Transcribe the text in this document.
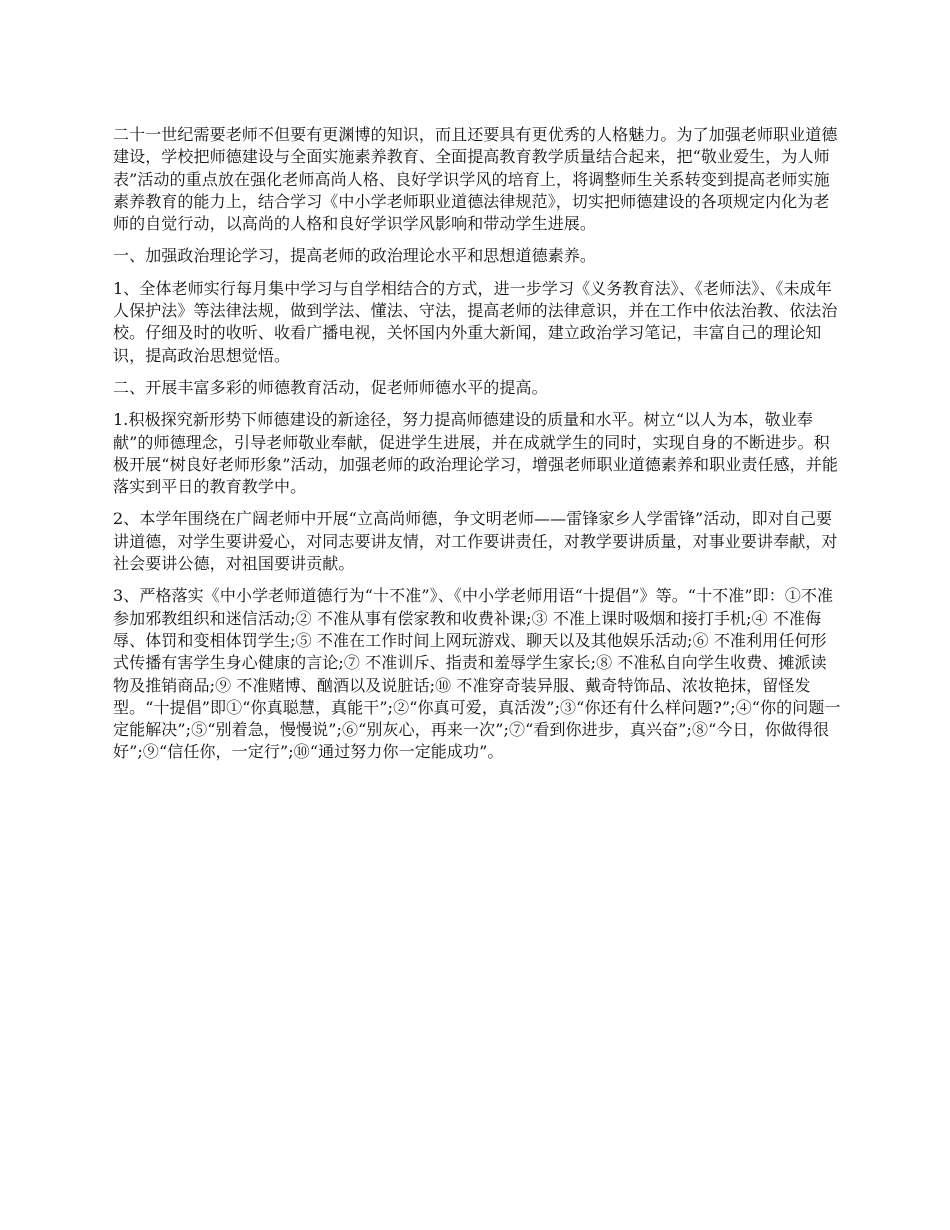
二十一世纪需要老师不但要有更渊博的知识，而且还要具有更优秀的人格魅力。为了加强老师职业道德建设，学校把师德建设与全面实施素养教育、全面提高教育教学质量结合起来，把“敬业爱生，为人师表”活动的重点放在强化老师高尚人格、良好学识学风的培育上，将调整师生关系转变到提高老师实施素养教育的能力上，结合学习《中小学老师职业道德法律规范》，切实把师德建设的各项规定内化为老师的自觉行动，以高尚的人格和良好学识学风影响和带动学生进展。

一、加强政治理论学习，提高老师的政治理论水平和思想道德素养。

1、全体老师实行每月集中学习与自学相结合的方式，进一步学习《义务教育法》、《老师法》、《未成年人保护法》等法律法规，做到学法、懂法、守法，提高老师的法律意识，并在工作中依法治教、依法治校。仔细及时的收听、收看广播电视，关怀国内外重大新闻，建立政治学习笔记，丰富自己的理论知识，提高政治思想觉悟。

二、开展丰富多彩的师德教育活动，促老师师德水平的提高。

1.积极探究新形势下师德建设的新途径，努力提高师德建设的质量和水平。树立“以人为本，敬业奉献”的师德理念，引导老师敬业奉献，促进学生进展，并在成就学生的同时，实现自身的不断进步。积极开展“树良好老师形象”活动，加强老师的政治理论学习，增强老师职业道德素养和职业责任感，并能落实到平日的教育教学中。

2、本学年围绕在广阔老师中开展“立高尚师德，争文明老师——雷锋家乡人学雷锋”活动，即对自己要讲道德，对学生要讲爱心，对同志要讲友情，对工作要讲责任，对教学要讲质量，对事业要讲奉献，对社会要讲公德，对祖国要讲贡献。

3、严格落实《中小学老师道德行为“十不准”》、《中小学老师用语“十提倡”》等。“十不准”即：①不准参加邪教组织和迷信活动;② 不准从事有偿家教和收费补课;③ 不准上课时吸烟和接打手机;④ 不准侮辱、体罚和变相体罚学生;⑤ 不准在工作时间上网玩游戏、聊天以及其他娱乐活动;⑥ 不准利用任何形式传播有害学生身心健康的言论;⑦ 不准训斥、指责和羞辱学生家长;⑧ 不准私自向学生收费、摊派读物及推销商品;⑨ 不准赌博、酗酒以及说脏话;⑩ 不准穿奇装异服、戴奇特饰品、浓妆艳抹，留怪发型。“十提倡”即①“你真聪慧，真能干”;②“你真可爱，真活泼”;③“你还有什么样问题?”;④“你的问题一定能解决”;⑤“别着急，慢慢说”;⑥“别灰心，再来一次”;⑦“看到你进步，真兴奋”;⑧“今日，你做得很好”;⑨“信任你，一定行”;⑩“通过努力你一定能成功”。
